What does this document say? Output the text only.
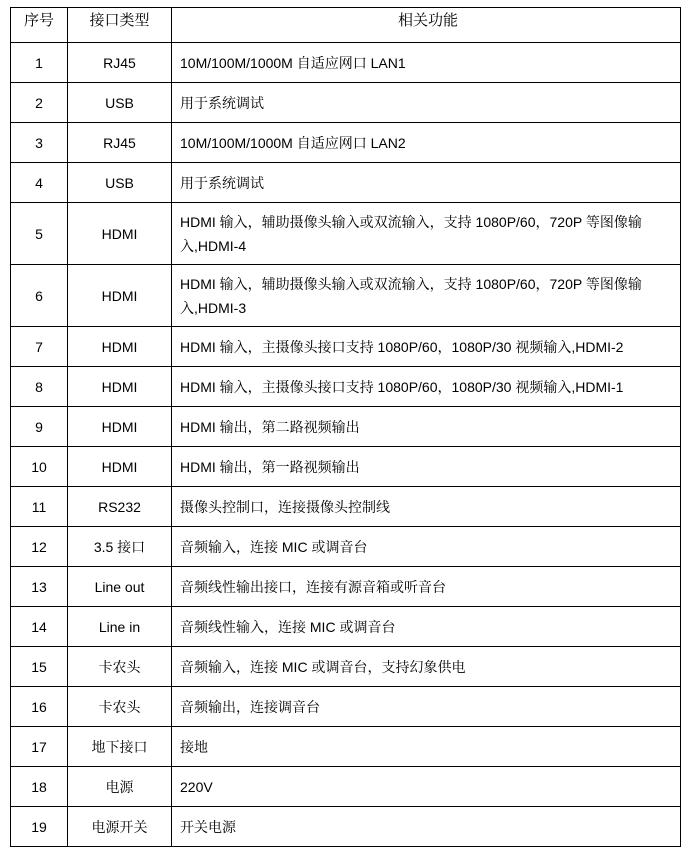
序号	接口类型	相关功能
1	RJ45	10M/100M/1000M 自适应网口 LAN1
2	USB	用于系统调试
3	RJ45	10M/100M/1000M 自适应网口 LAN2
4	USB	用于系统调试
5	HDMI	HDMI 输入，辅助摄像头输入或双流输入，支持 1080P/60，720P 等图像输入,HDMI-4
6	HDMI	HDMI 输入，辅助摄像头输入或双流输入，支持 1080P/60，720P 等图像输入,HDMI-3
7	HDMI	HDMI 输入，主摄像头接口支持 1080P/60，1080P/30 视频输入,HDMI-2
8	HDMI	HDMI 输入，主摄像头接口支持 1080P/60，1080P/30 视频输入,HDMI-1
9	HDMI	HDMI 输出，第二路视频输出
10	HDMI	HDMI 输出，第一路视频输出
11	RS232	摄像头控制口，连接摄像头控制线
12	3.5 接口	音频输入，连接 MIC 或调音台
13	Line out	音频线性输出接口，连接有源音箱或听音台
14	Line in	音频线性输入，连接 MIC 或调音台
15	卡农头	音频输入，连接 MIC 或调音台，支持幻象供电
16	卡农头	音频输出，连接调音台
17	地下接口	接地
18	电源	220V
19	电源开关	开关电源
